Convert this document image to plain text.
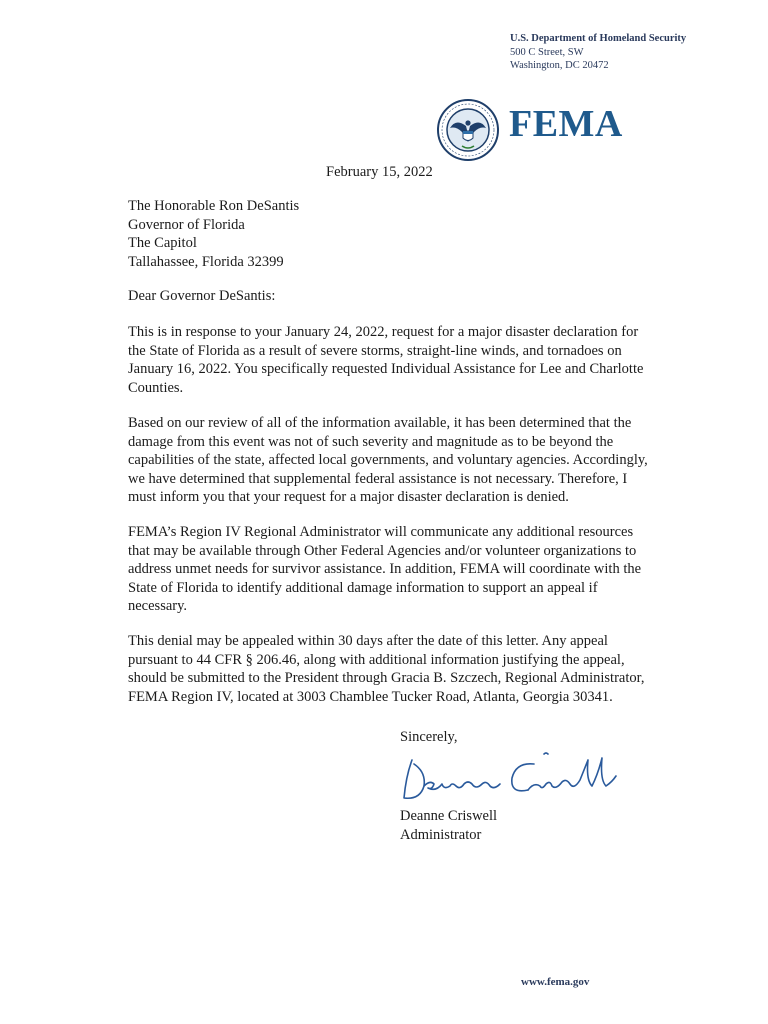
U.S. Department of Homeland Security
500 C Street, SW
Washington, DC 20472
FEMA
February 15, 2022
The Honorable Ron DeSantis
Governor of Florida
The Capitol
Tallahassee, Florida 32399
Dear Governor DeSantis:
This is in response to your January 24, 2022, request for a major disaster declaration for
the State of Florida as a result of severe storms, straight-line winds, and tornadoes on
January 16, 2022. You specifically requested Individual Assistance for Lee and Charlotte
Counties.
Based on our review of all of the information available, it has been determined that the
damage from this event was not of such severity and magnitude as to be beyond the
capabilities of the state, affected local governments, and voluntary agencies. Accordingly,
we have determined that supplemental federal assistance is not necessary. Therefore, I
must inform you that your request for a major disaster declaration is denied.
FEMA’s Region IV Regional Administrator will communicate any additional resources
that may be available through Other Federal Agencies and/or volunteer organizations to
address unmet needs for survivor assistance. In addition, FEMA will coordinate with the
State of Florida to identify additional damage information to support an appeal if
necessary.
This denial may be appealed within 30 days after the date of this letter. Any appeal
pursuant to 44 CFR § 206.46, along with additional information justifying the appeal,
should be submitted to the President through Gracia B. Szczech, Regional Administrator,
FEMA Region IV, located at 3003 Chamblee Tucker Road, Atlanta, Georgia 30341.
Sincerely,
Deanne Criswell
Administrator
www.fema.gov
